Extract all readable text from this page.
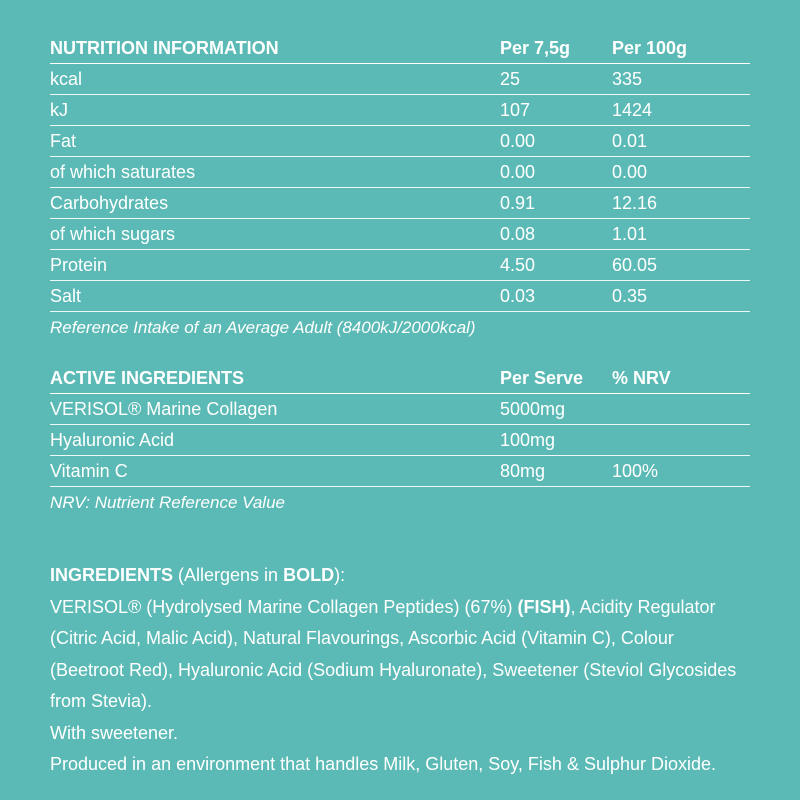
NUTRITION INFORMATION	Per 7,5g	Per 100g
kcal	25	335
kJ	107	1424
Fat	0.00	0.01
of which saturates	0.00	0.00
Carbohydrates	0.91	12.16
of which sugars	0.08	1.01
Protein	4.50	60.05
Salt	0.03	0.35
Reference Intake of an Average Adult (8400kJ/2000kcal)
ACTIVE INGREDIENTS	Per Serve	% NRV
VERISOL® Marine Collagen	5000mg	
Hyaluronic Acid	100mg	
Vitamin C	80mg	100%
NRV: Nutrient Reference Value

INGREDIENTS (Allergens in BOLD):

VERISOL® (Hydrolysed Marine Collagen Peptides) (67%) (FISH), Acidity Regulator (Citric Acid, Malic Acid), Natural Flavourings, Ascorbic Acid (Vitamin C), Colour (Beetroot Red), Hyaluronic Acid (Sodium Hyaluronate), Sweetener (Steviol Glycosides from Stevia).

With sweetener.

Produced in an environment that handles Milk, Gluten, Soy, Fish & Sulphur Dioxide.
